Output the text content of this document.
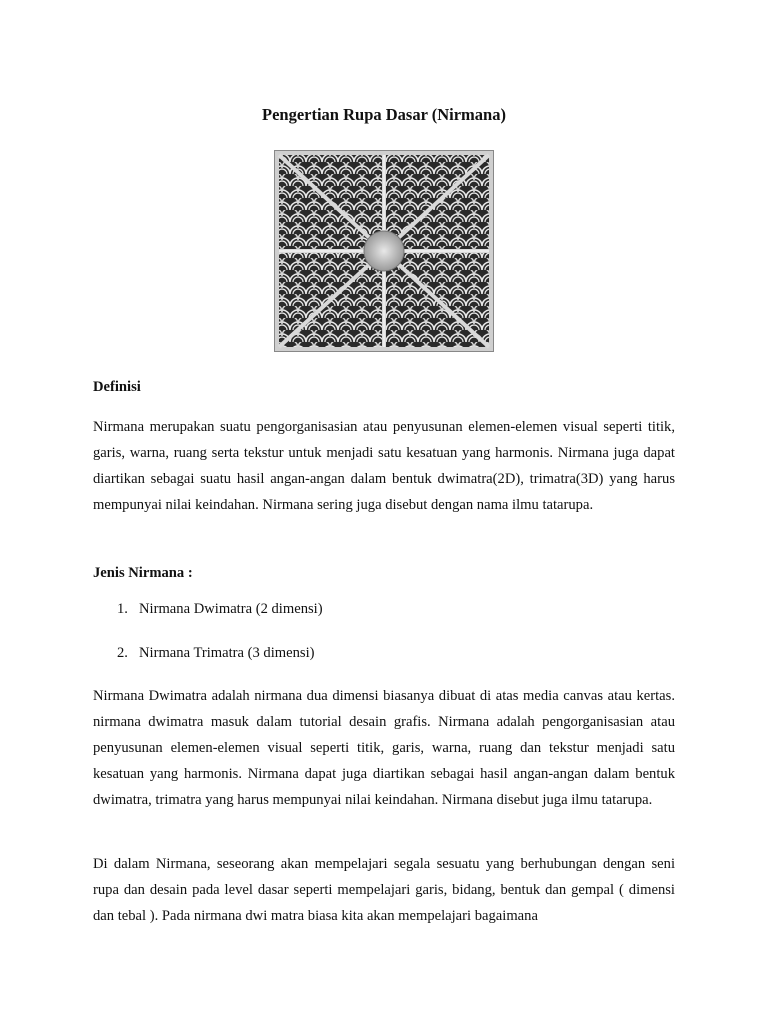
Pengertian Rupa Dasar (Nirmana)
Definisi

Nirmana merupakan suatu pengorganisasian atau penyusunan elemen-elemen visual seperti titik, garis, warna, ruang serta tekstur untuk menjadi satu kesatuan yang harmonis. Nirmana juga dapat diartikan sebagai suatu hasil angan-angan dalam bentuk dwimatra(2D), trimatra(3D) yang harus mempunyai nilai keindahan. Nirmana sering juga disebut dengan nama ilmu tatarupa.

Jenis Nirmana :
1. Nirmana Dwimatra (2 dimensi)
2. Nirmana Trimatra (3 dimensi)

Nirmana Dwimatra adalah nirmana dua dimensi biasanya dibuat di atas media canvas atau kertas. nirmana dwimatra masuk dalam tutorial desain grafis. Nirmana adalah pengorganisasian atau penyusunan elemen-elemen visual seperti titik, garis, warna, ruang dan tekstur menjadi satu kesatuan yang harmonis. Nirmana dapat juga diartikan sebagai hasil angan-angan dalam bentuk dwimatra, trimatra yang harus mempunyai nilai keindahan. Nirmana disebut juga ilmu tatarupa.

Di dalam Nirmana, seseorang akan mempelajari segala sesuatu yang berhubungan dengan seni rupa dan desain pada level dasar seperti mempelajari garis, bidang, bentuk dan gempal ( dimensi dan tebal ). Pada nirmana dwi matra biasa kita akan mempelajari bagaimana
